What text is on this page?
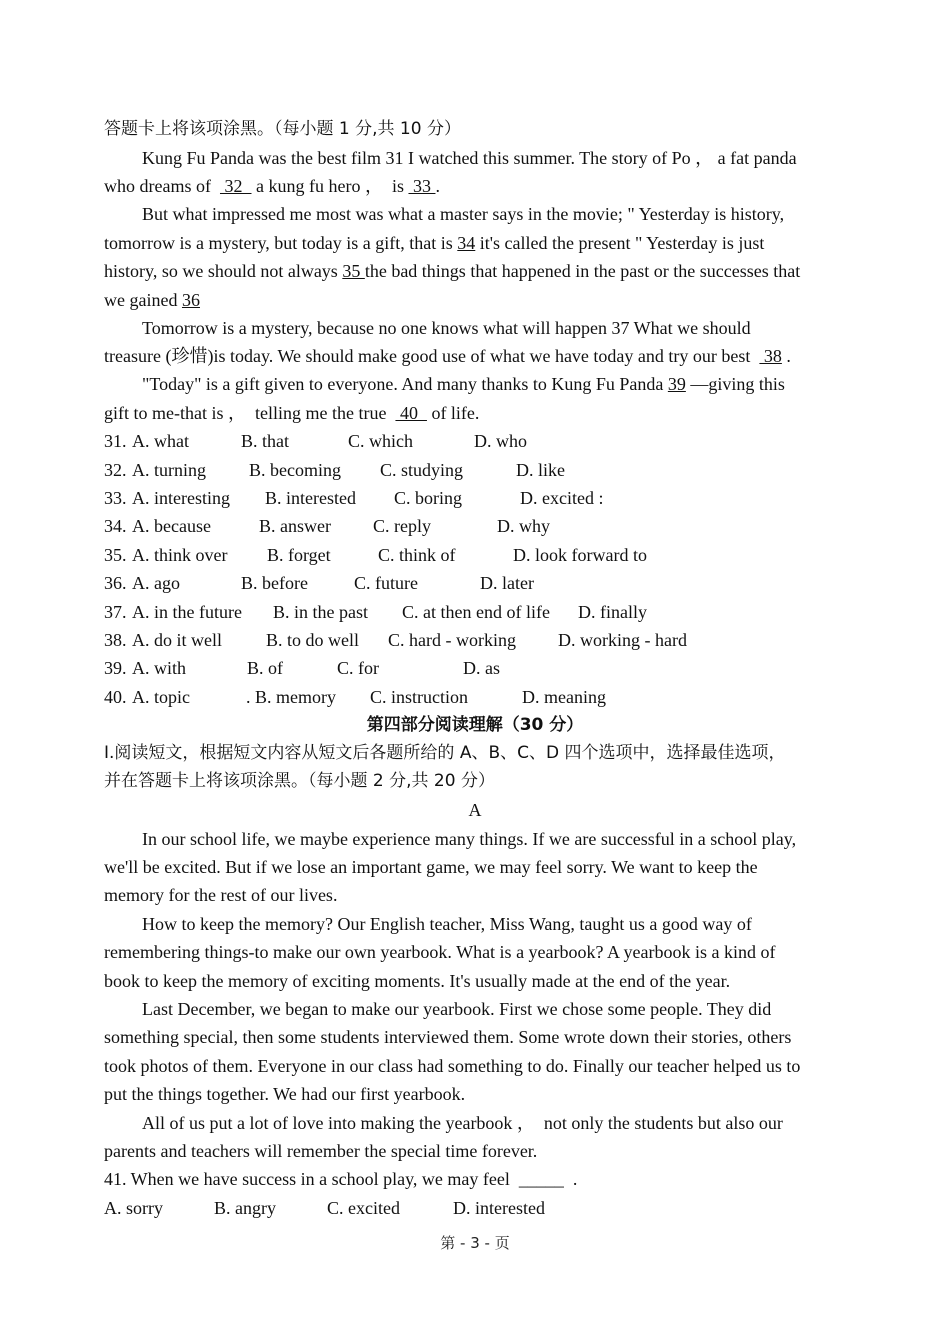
答题卡上将该项涂黑。（每小题 1 分,共 10 分）
Kung Fu Panda was the best film 31 I watched this summer. The story of Po ， a fat panda
who dreams of   32   a kung fu hero ，  is  33 .
But what impressed me most was what a master says in the movie; " Yesterday is history,
tomorrow is a mystery, but today is a gift, that is 34 it's called the present " Yesterday is just
history, so we should not always 35 the bad things that happened in the past or the successes that
we gained 36
Tomorrow is a mystery, because no one knows what will happen 37 What we should
treasure (珍惜)is today. We should make good use of what we have today and try our best   38 .
"Today" is a gift given to everyone. And many thanks to Kung Fu Panda 39 —giving this
gift to me-that is ，  telling me the true   40   of life.

31. A. what	B. that	C. which	D. who

32. A. turning B. becoming C. studying	D. like

33. A. interesting B. interested C. boring	D. excited :

34. A. because	B. answer C. reply	D. why

35. A. think over B. forget	C. think of	D. look forward to

36. A. ago	B. before	C. future	D. later

37. A. in the future B. in the past C. at then end of life D. finally

38. A. do it well B. to do well C. hard - working D. working - hard

39. A. with	B. of	C. for	D. as

40. A. topic	. B. memory C. instruction	D. meaning

第四部分阅读理解（30 分）
I.阅读短文，根据短文内容从短文后各题所给的 A、B、C、D 四个选项中，选择最佳选项，
并在答题卡上将该项涂黑。（每小题 2 分,共 20 分）
A
In our school life, we maybe experience many things. If we are successful in a school play,
we'll be excited. But if we lose an important game, we may feel sorry. We want to keep the
memory for the rest of our lives.
How to keep the memory? Our English teacher, Miss Wang, taught us a good way of
remembering things-to make our own yearbook. What is a yearbook? A yearbook is a kind of
book to keep the memory of exciting moments. It's usually made at the end of the year.
Last December, we began to make our yearbook. First we chose some people. They did
something special, then some students interviewed them. Some wrote down their stories, others
took photos of them. Everyone in our class had something to do. Finally our teacher helped us to
put the things together. We had our first yearbook.
All of us put a lot of love into making the yearbook ，  not only the students but also our
parents and teachers will remember the special time forever.
41. When we have success in a school play, we may feel  _____  .

A. sorry	B. angry	C. excited	D. interested

第 - 3 - 页
